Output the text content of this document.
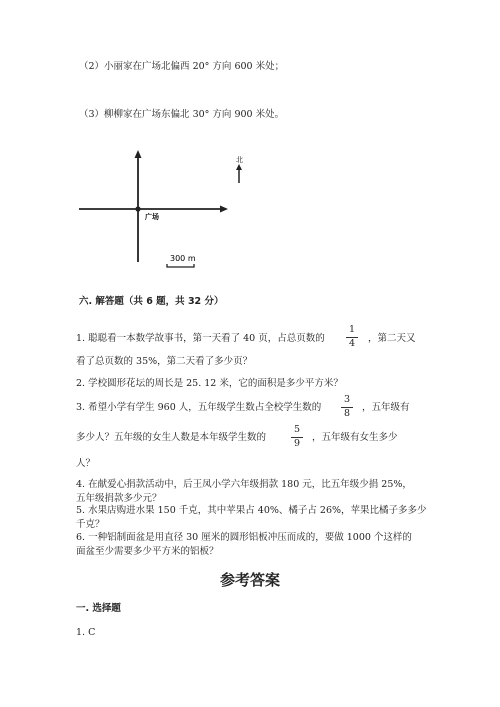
（2）小丽家在广场北偏西 20° 方向 600 米处；
（3）柳柳家在广场东偏北 30° 方向 900 米处。
北
广场
300 m
六. 解答题（共 6 题，共 32 分）
1. 聪聪看一本数学故事书，第一天看了 40 页，占总页数的
1
4	，第二天又
看了总页数的 35%，第二天看了多少页？
2. 学校圆形花坛的周长是 25. 12 米，它的面积是多少平方米？
3. 希望小学有学生 960 人，五年级学生数占全校学生数的
3
8
，五年级有
多少人？五年级的女生人数是本年级学生数的
5
9
，五年级有女生多少
人？
4. 在献爱心捐款活动中，后王凤小学六年级捐款 180 元，比五年级少捐 25%，
五年级捐款多少元？
5. 水果店购进水果 150 千克，其中苹果占 40%、橘子占 26%，苹果比橘子多多少
千克？
6. 一种铝制面盆是用直径 30 厘米的圆形铝板冲压而成的，要做 1000 个这样的
面盆至少需要多少平方米的铝板？
参考答案
一. 选择题
1. C
